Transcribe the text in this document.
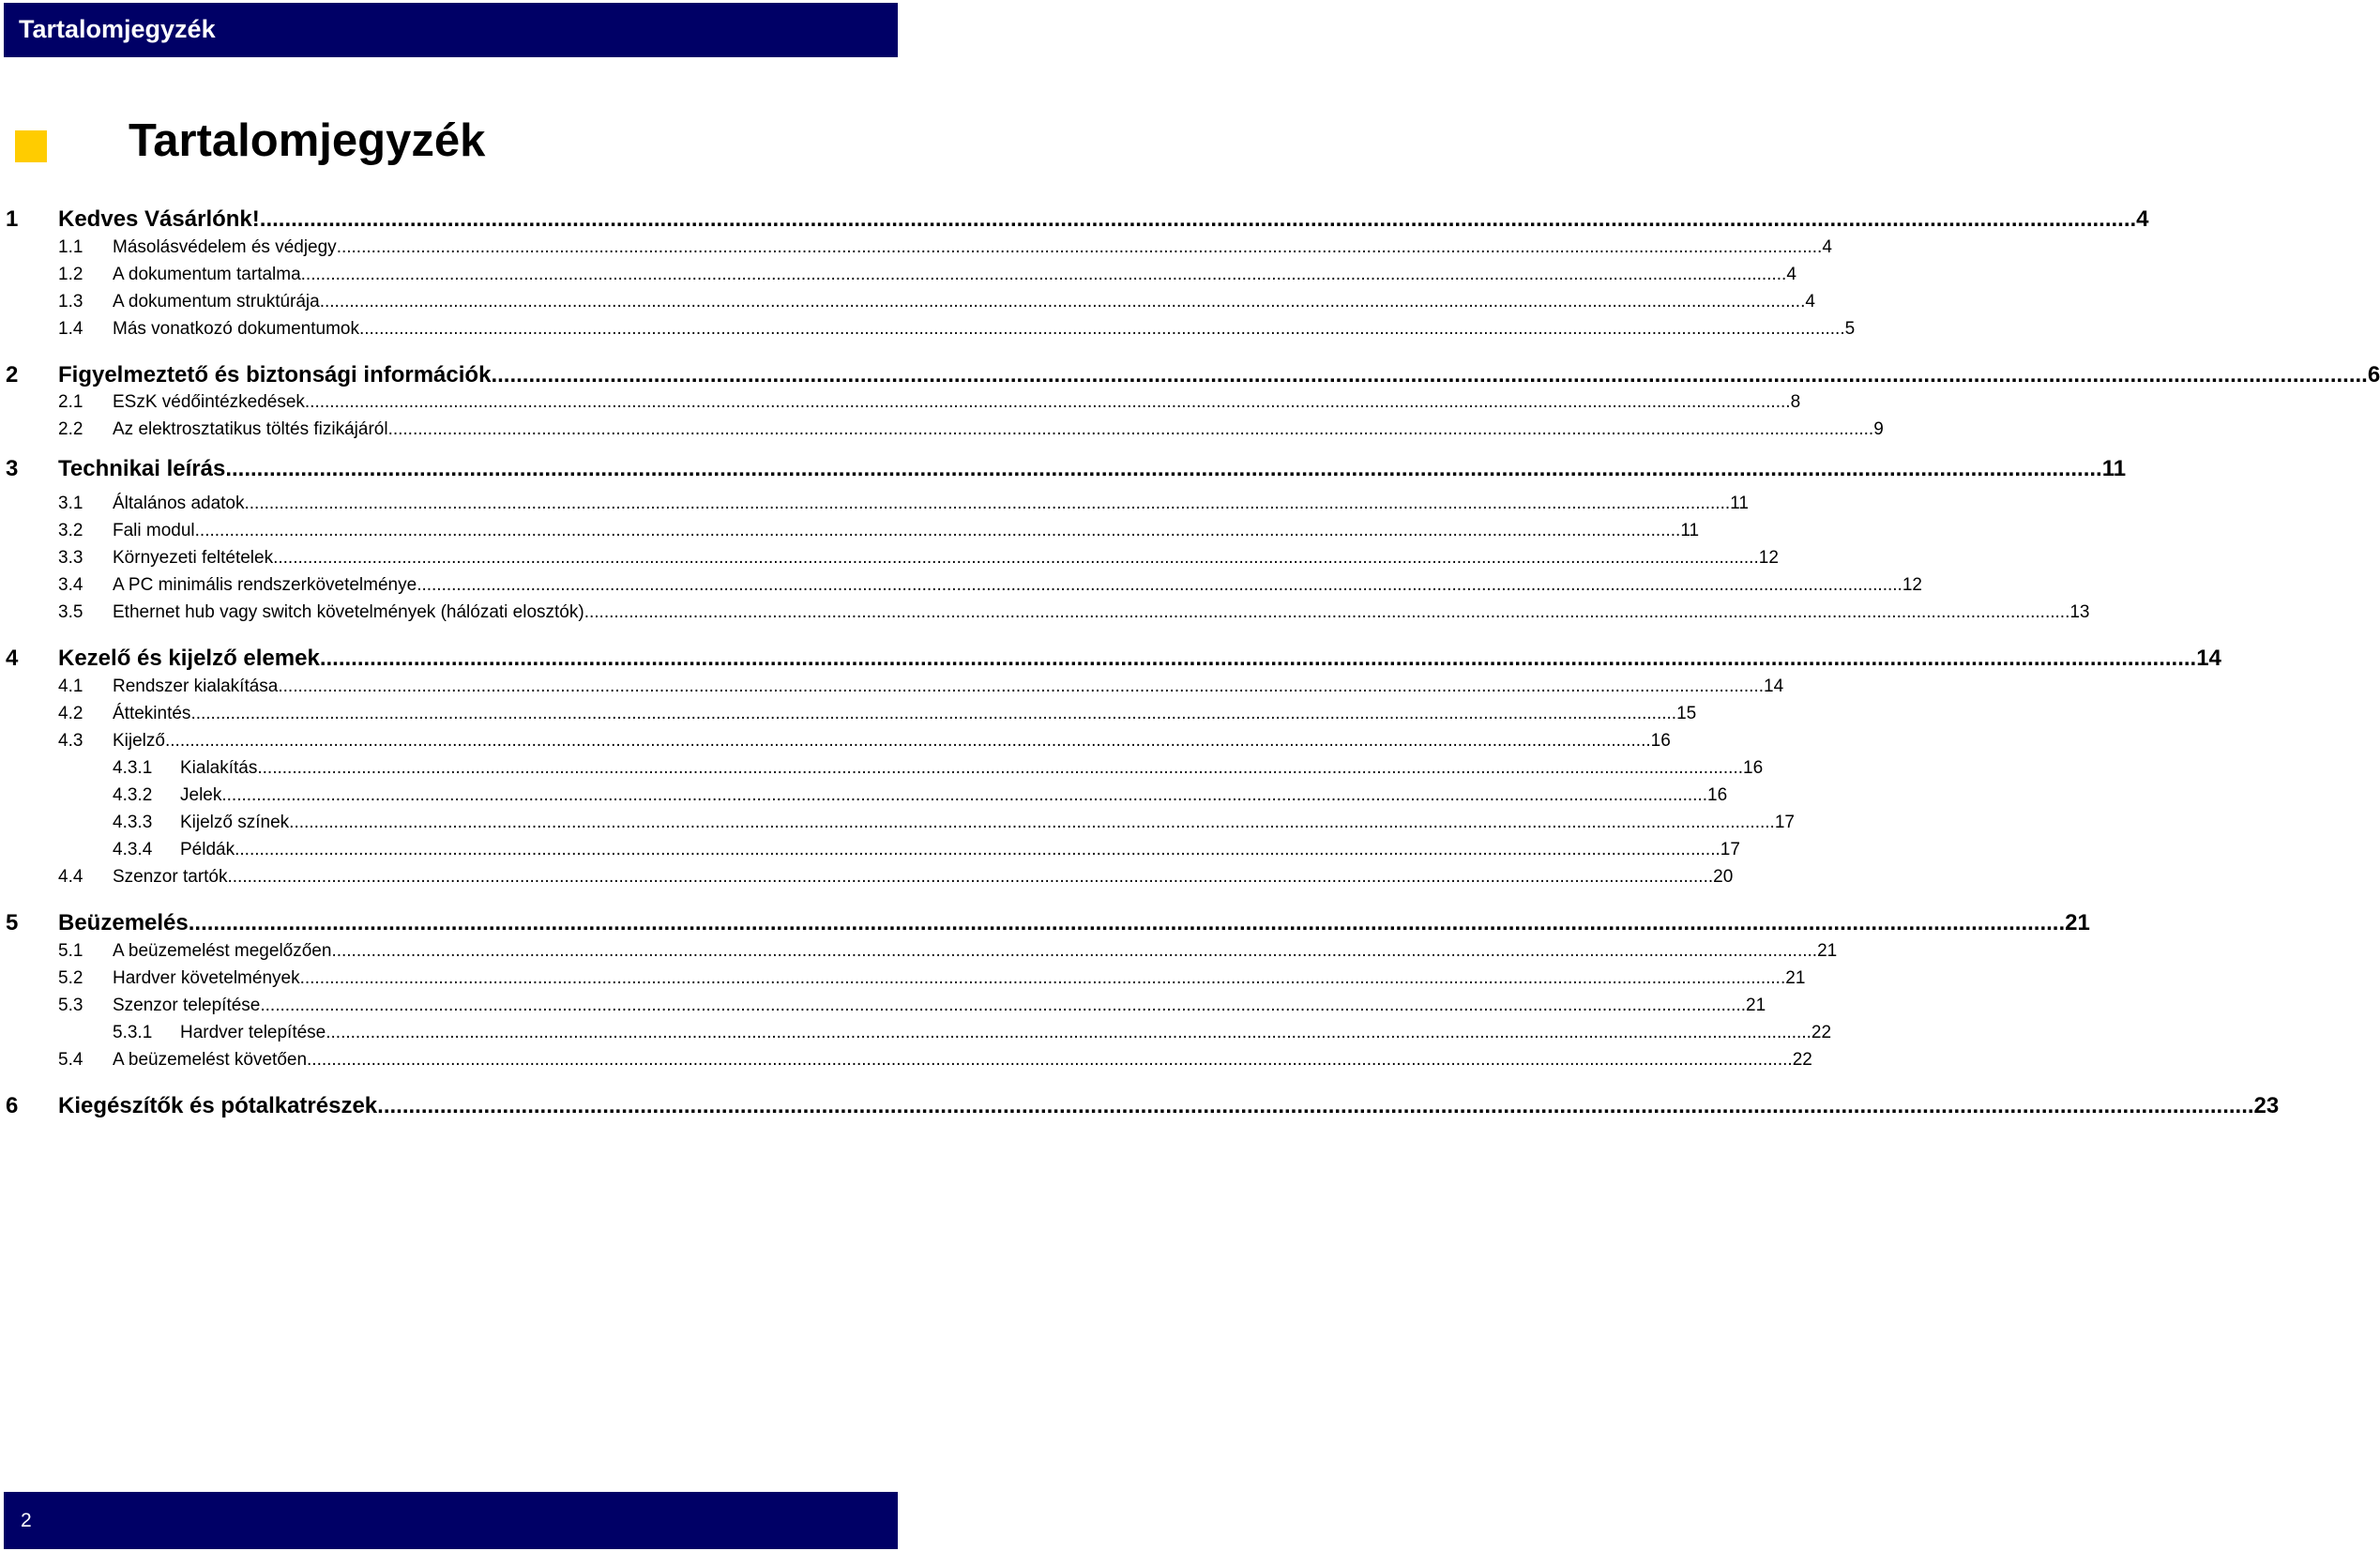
Tartalomjegyzék
Tartalomjegyzék
1 Kedves Vásárlónk! ............................................................................................................................................................................................................................................................................................................ 4
1.1 Másolásvédelem és védjegy ............................................................................................................................................................................................................................................................................................................ 4
1.2 A dokumentum tartalma ............................................................................................................................................................................................................................................................................................................ 4
1.3 A dokumentum struktúrája ............................................................................................................................................................................................................................................................................................................ 4
1.4 Más vonatkozó dokumentumok ............................................................................................................................................................................................................................................................................................................ 5
2 Figyelmeztető és biztonsági információk ............................................................................................................................................................................................................................................................................................................ 6
2.1 ESzK védőintézkedések ............................................................................................................................................................................................................................................................................................................ 8
2.2 Az elektrosztatikus töltés fizikájáról ............................................................................................................................................................................................................................................................................................................ 9
3 Technikai leírás ............................................................................................................................................................................................................................................................................................................ 11
3.1 Általános adatok ............................................................................................................................................................................................................................................................................................................ 11
3.2 Fali modul ............................................................................................................................................................................................................................................................................................................ 11
3.3 Környezeti feltételek ............................................................................................................................................................................................................................................................................................................ 12
3.4 A PC minimális rendszerkövetelménye ............................................................................................................................................................................................................................................................................................................ 12
3.5 Ethernet hub vagy switch követelmények (hálózati elosztók) ............................................................................................................................................................................................................................................................................................................ 13
4 Kezelő és kijelző elemek ............................................................................................................................................................................................................................................................................................................ 14
4.1 Rendszer kialakítása ............................................................................................................................................................................................................................................................................................................ 14
4.2 Áttekintés ............................................................................................................................................................................................................................................................................................................ 15
4.3 Kijelző ............................................................................................................................................................................................................................................................................................................ 16
4.3.1 Kialakítás ............................................................................................................................................................................................................................................................................................................ 16
4.3.2 Jelek ............................................................................................................................................................................................................................................................................................................ 16
4.3.3 Kijelző színek ............................................................................................................................................................................................................................................................................................................ 17
4.3.4 Példák ............................................................................................................................................................................................................................................................................................................ 17
4.4 Szenzor tartók ............................................................................................................................................................................................................................................................................................................ 20
5 Beüzemelés ............................................................................................................................................................................................................................................................................................................ 21
5.1 A beüzemelést megelőzően ............................................................................................................................................................................................................................................................................................................ 21
5.2 Hardver követelmények ............................................................................................................................................................................................................................................................................................................ 21
5.3 Szenzor telepítése ............................................................................................................................................................................................................................................................................................................ 21
5.3.1 Hardver telepítése ............................................................................................................................................................................................................................................................................................................ 22
5.4 A beüzemelést követően ............................................................................................................................................................................................................................................................................................................ 22
6 Kiegészítők és pótalkatrészek ............................................................................................................................................................................................................................................................................................................ 23
2
